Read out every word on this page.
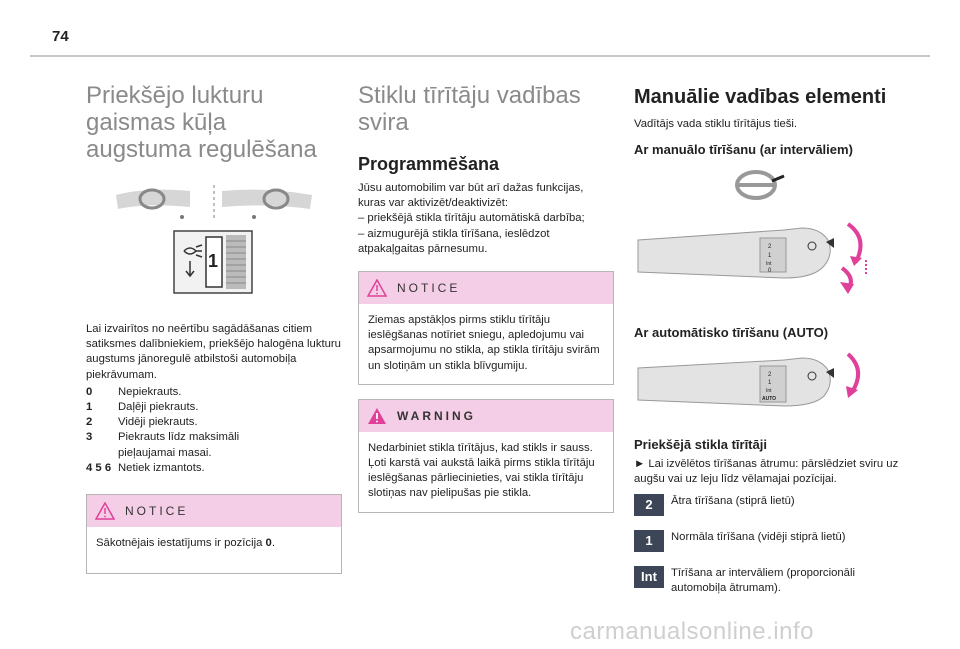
74
Priekšējo lukturu gaismas kūļa augstuma regulēšana
1

Lai izvairītos no neērtību sagādāšanas citiem satiksmes dalībniekiem, priekšējo halogēna lukturu augstums jānoregulē atbilstoši automobiļa piekrāvumam.

0	Nepiekrauts.
1	Daļēji piekrauts.
2	Vidēji piekrauts.
3	Piekrauts līdz maksimāli pieļaujamai masai.
4 5 6 Netiek izmantots.
NOTICE
Sākotnējais iestatījums ir pozīcija 0.
Stiklu tīrītāju vadības svira
Programmēšana

Jūsu automobilim var būt arī dažas funkcijas, kuras var aktivizēt/deaktivizēt:

– priekšējā stikla tīrītāju automātiskā darbība;

– aizmugurējā stikla tīrīšana, ieslēdzot atpakaļgaitas pārnesumu.

NOTICE
Ziemas apstākļos pirms stiklu tīrītāju ieslēgšanas notīriet sniegu, apledojumu vai apsarmojumu no stikla, ap stikla tīrītāju svirām un slotiņām un stikla blīvgumiju.
WARNING
Nedarbiniet stikla tīrītājus, kad stikls ir sauss. Ļoti karstā vai aukstā laikā pirms stikla tīrītāju ieslēgšanas pārliecinieties, vai stikla tīrītāju slotiņas nav pielipušas pie stikla.
Manuālie vadības elementi

Vadītājs vada stiklu tīrītājus tieši.

Ar manuālo tīrīšanu (ar intervāliem)

2
1
Int
0
Ar automātisko tīrīšanu (AUTO)
2
1
Int
AUTO
Priekšējā stikla tīrītāji

► Lai izvēlētos tīrīšanas ātrumu: pārslēdziet sviru uz augšu vai uz leju līdz vēlamajai pozīcijai.

2	Ātra tīrīšana (stiprā lietū)
1	Normāla tīrīšana (vidēji stiprā lietū)
Int	Tīrīšana ar intervāliem (proporcionāli automobiļa ātrumam).
carmanualsonline.info
